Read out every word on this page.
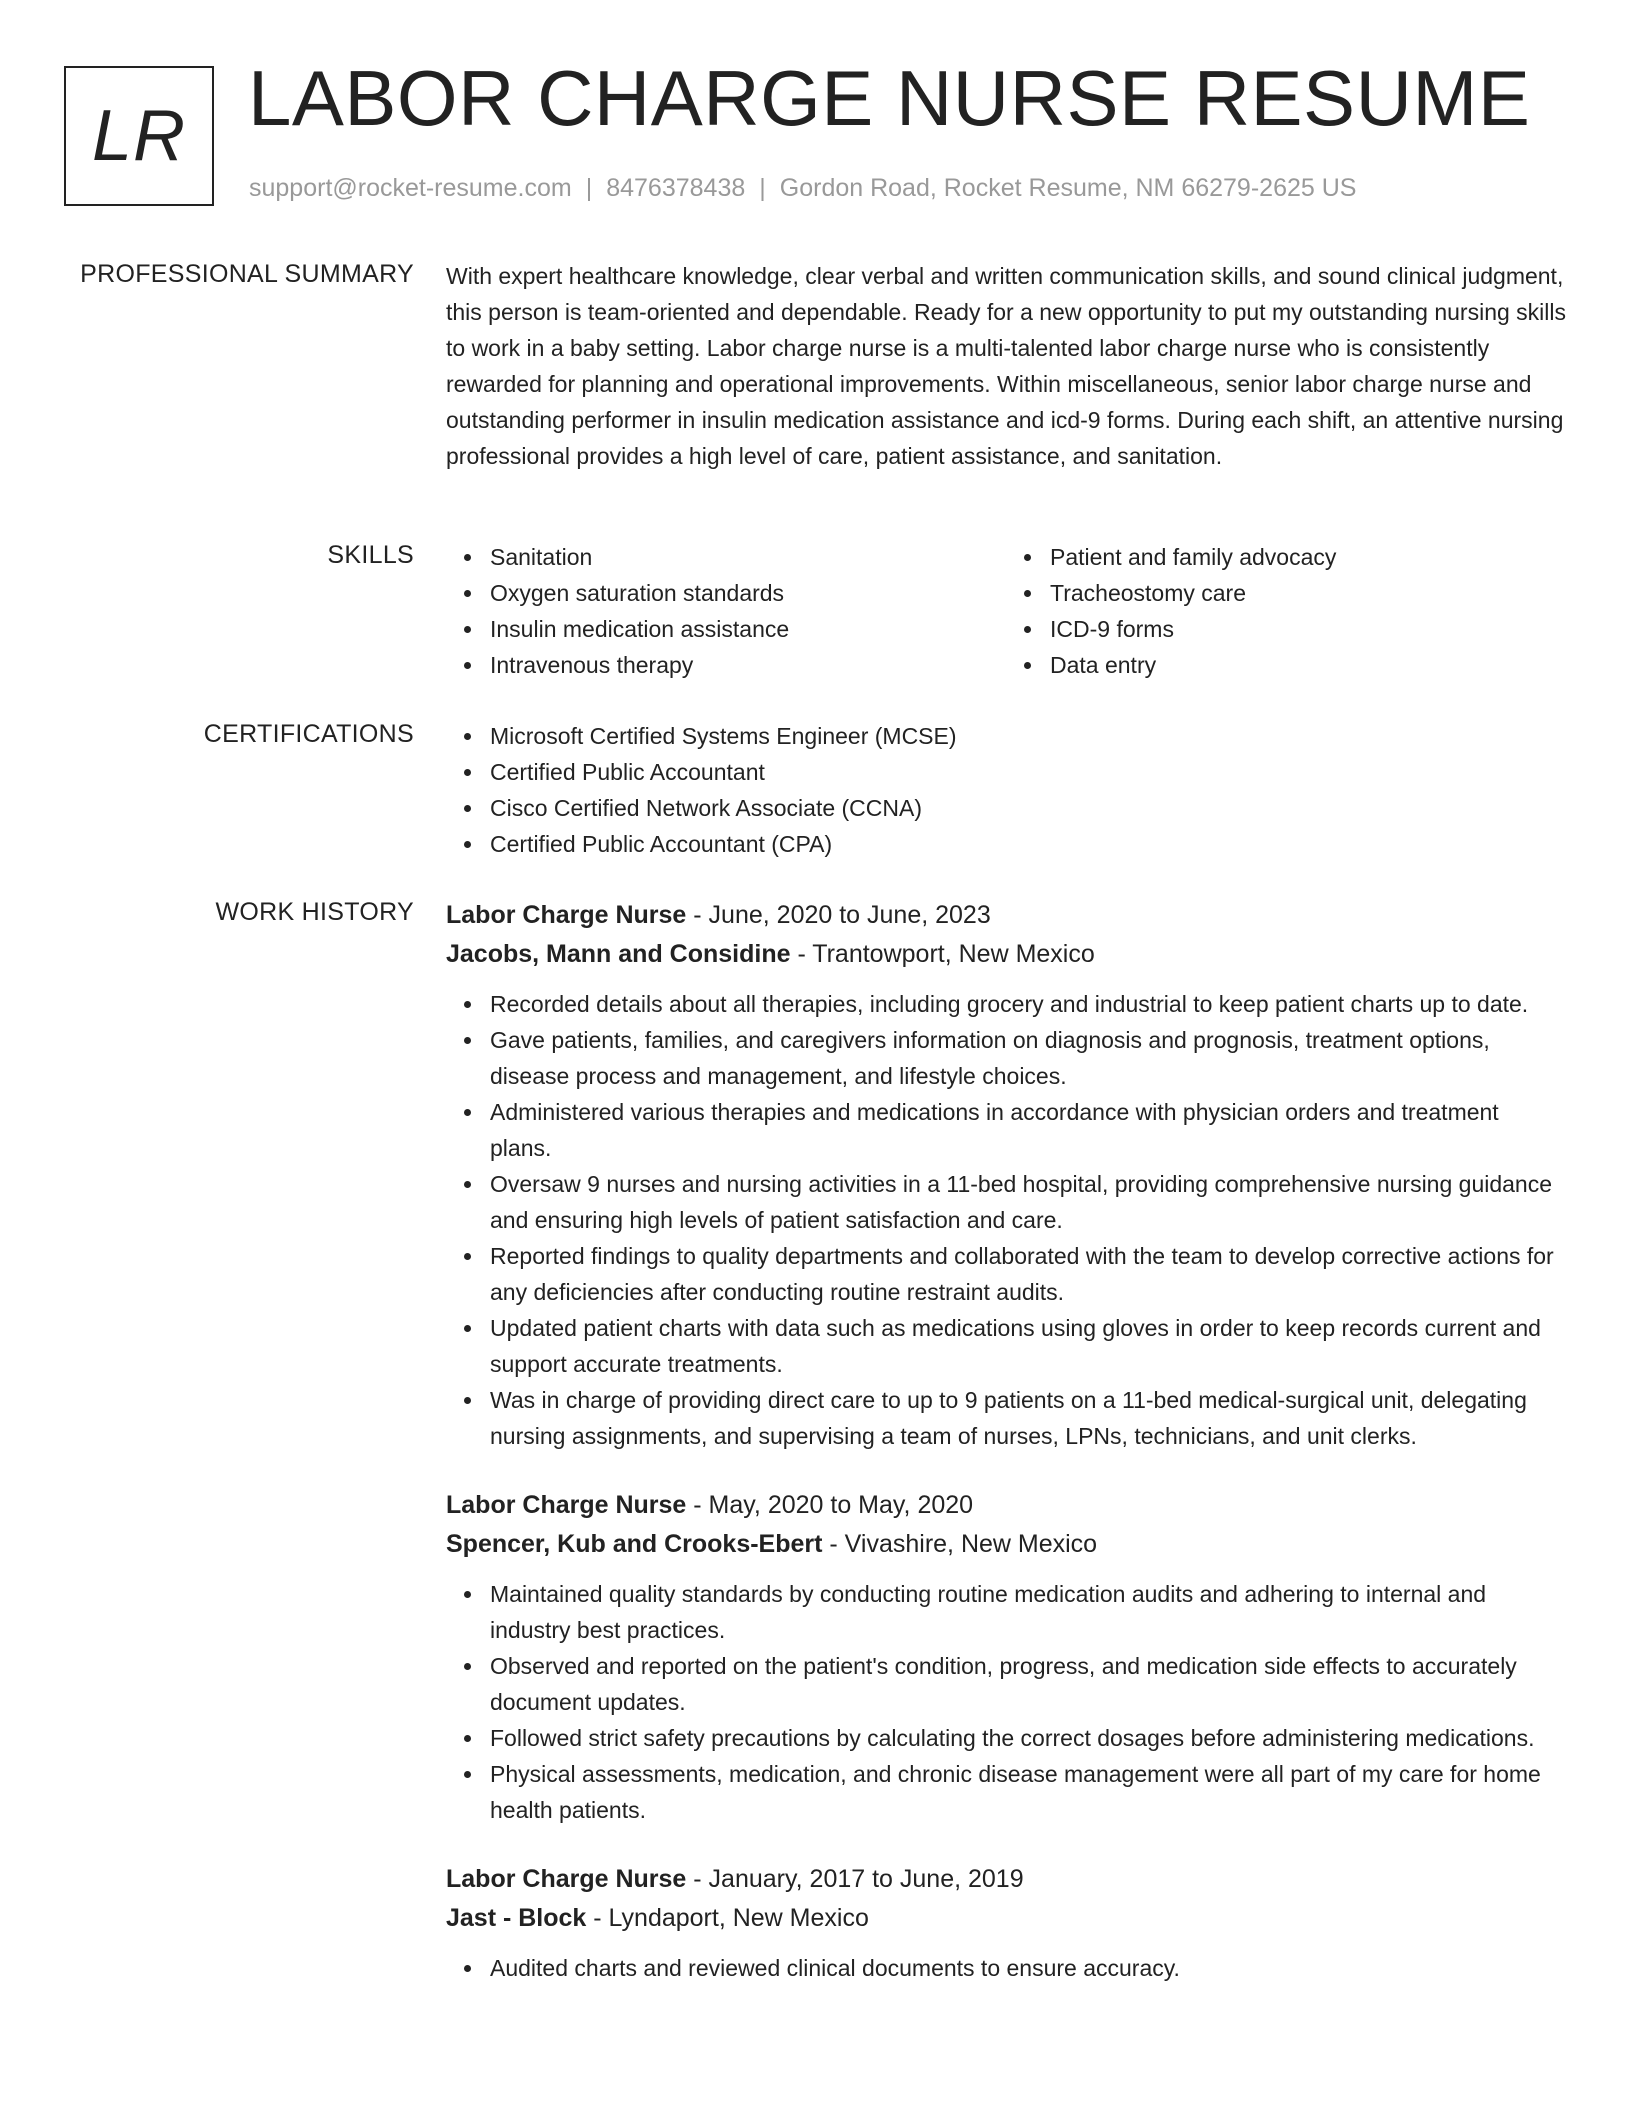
LR LABOR CHARGE NURSE RESUME
support@rocket-resume.com | 8476378438 | Gordon Road, Rocket Resume, NM 66279-2625 US
PROFESSIONAL SUMMARY With expert healthcare knowledge, clear verbal and written communication skills, and sound clinical judgment, this person is team-oriented and dependable. Ready for a new opportunity to put my outstanding nursing skills to work in a baby setting. Labor charge nurse is a multi-talented labor charge nurse who is consistently rewarded for planning and operational improvements. Within miscellaneous, senior labor charge nurse and outstanding performer in insulin medication assistance and icd-9 forms. During each shift, an attentive nursing professional provides a high level of care, patient assistance, and sanitation.
SKILLS	Sanitation
Oxygen saturation standards
Insulin medication assistance
Intravenous therapy
Patient and family advocacy
Tracheostomy care
ICD-9 forms
Data entry
CERTIFICATIONS	Microsoft Certified Systems Engineer (MCSE)
Certified Public Accountant
Cisco Certified Network Associate (CCNA)
Certified Public Accountant (CPA)
WORK HISTORY Labor Charge Nurse - June, 2020 to June, 2023
Jacobs, Mann and Considine - Trantowport, New Mexico
Recorded details about all therapies, including grocery and industrial to keep patient charts up to date.
Gave patients, families, and caregivers information on diagnosis and prognosis, treatment options, disease process and management, and lifestyle choices.
Administered various therapies and medications in accordance with physician orders and treatment plans.
Oversaw 9 nurses and nursing activities in a 11-bed hospital, providing comprehensive nursing guidance and ensuring high levels of patient satisfaction and care.
Reported findings to quality departments and collaborated with the team to develop corrective actions for any deficiencies after conducting routine restraint audits.
Updated patient charts with data such as medications using gloves in order to keep records current and support accurate treatments.
Was in charge of providing direct care to up to 9 patients on a 11-bed medical-surgical unit, delegating nursing assignments, and supervising a team of nurses, LPNs, technicians, and unit clerks.
Labor Charge Nurse - May, 2020 to May, 2020
Spencer, Kub and Crooks-Ebert - Vivashire, New Mexico
Maintained quality standards by conducting routine medication audits and adhering to internal and industry best practices.
Observed and reported on the patient's condition, progress, and medication side effects to accurately document updates.
Followed strict safety precautions by calculating the correct dosages before administering medications.
Physical assessments, medication, and chronic disease management were all part of my care for home health patients.
Labor Charge Nurse - January, 2017 to June, 2019
Jast - Block - Lyndaport, New Mexico
Audited charts and reviewed clinical documents to ensure accuracy.
